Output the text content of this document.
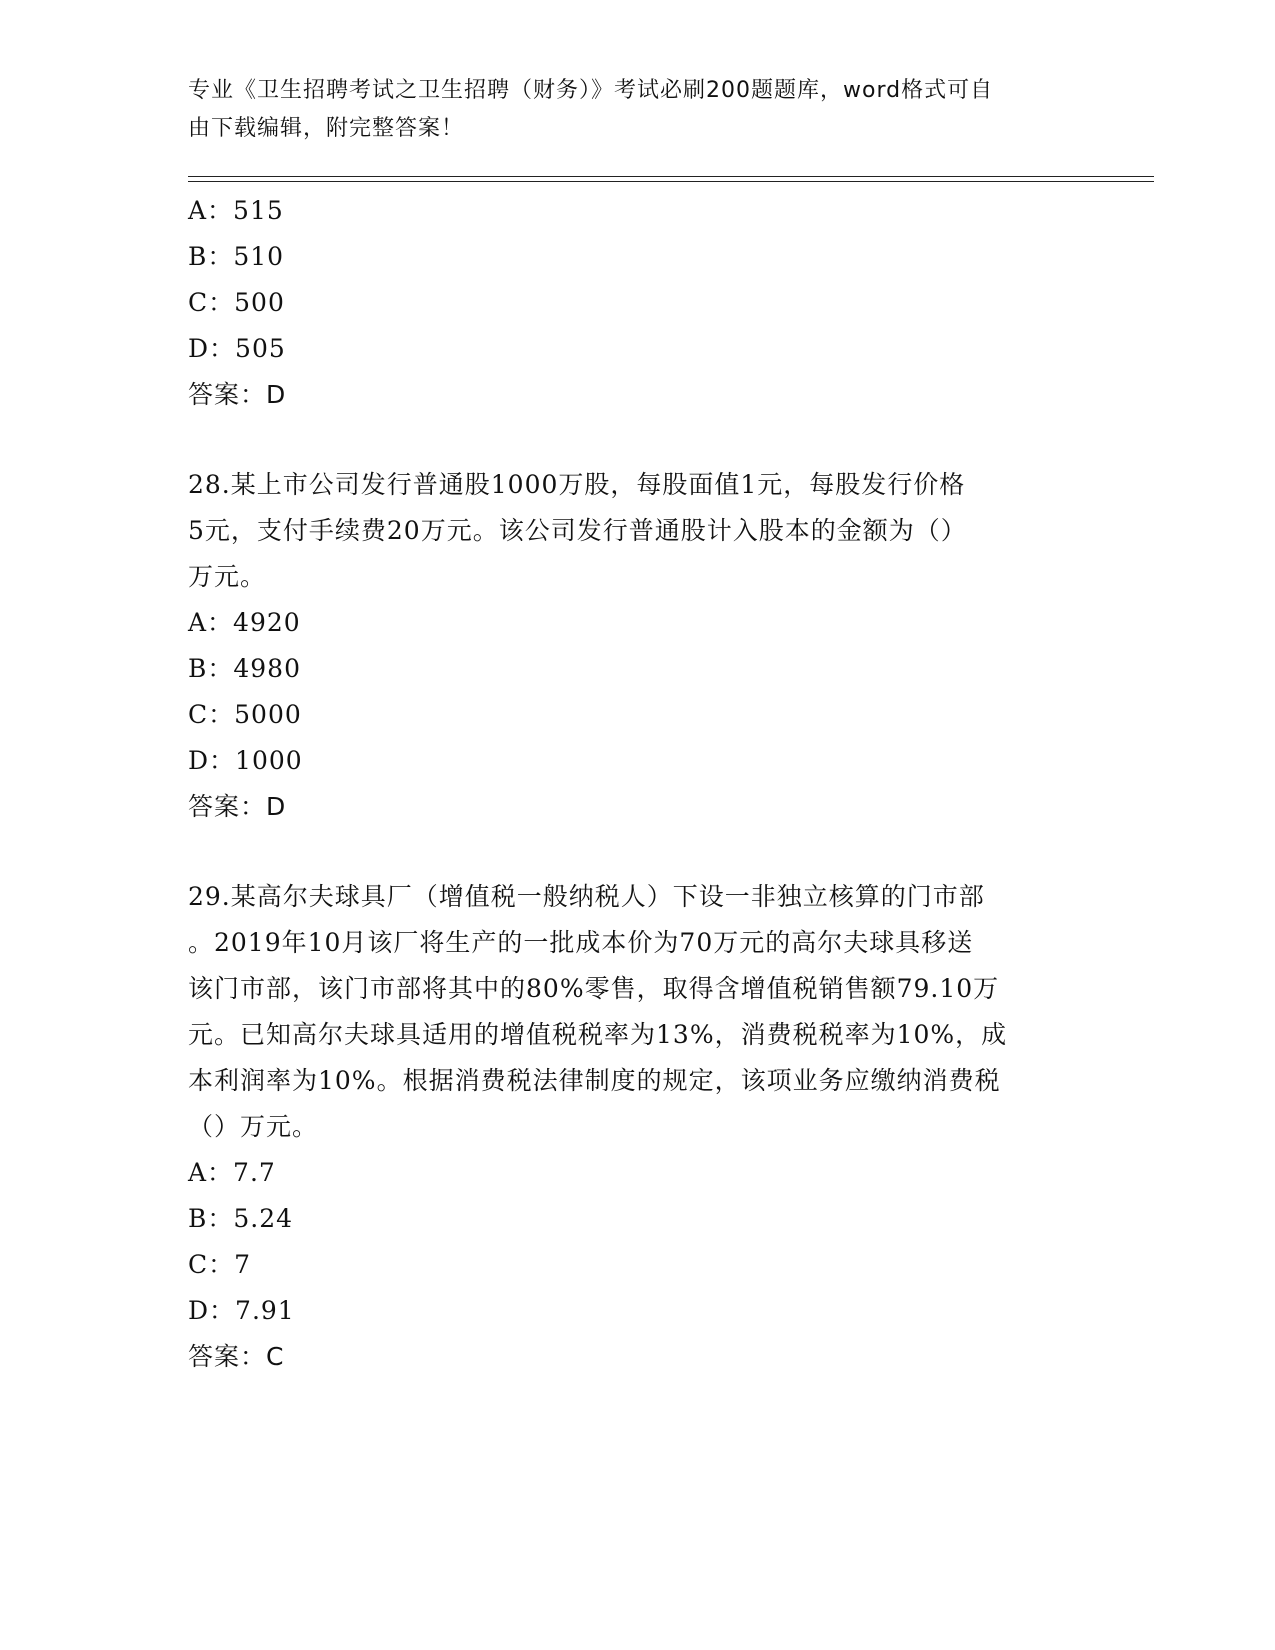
专业《卫生招聘考试之卫生招聘（财务）》考试必刷200题题库，word格式可自
由下载编辑，附完整答案！
A：515
B：510
C：500
D：505
答案：D
28.某上市公司发行普通股1000万股，每股面值1元，每股发行价格
5元，支付手续费20万元。该公司发行普通股计入股本的金额为（）
万元。
A：4920
B：4980
C：5000
D：1000
答案：D
29.某高尔夫球具厂（增值税一般纳税人）下设一非独立核算的门市部
。2019年10月该厂将生产的一批成本价为70万元的高尔夫球具移送
该门市部，该门市部将其中的80%零售，取得含增值税销售额79.10万
元。已知高尔夫球具适用的增值税税率为13%，消费税税率为10%，成
本利润率为10%。根据消费税法律制度的规定，该项业务应缴纳消费税
（）万元。
A：7.7
B：5.24
C：7
D：7.91
答案：C
